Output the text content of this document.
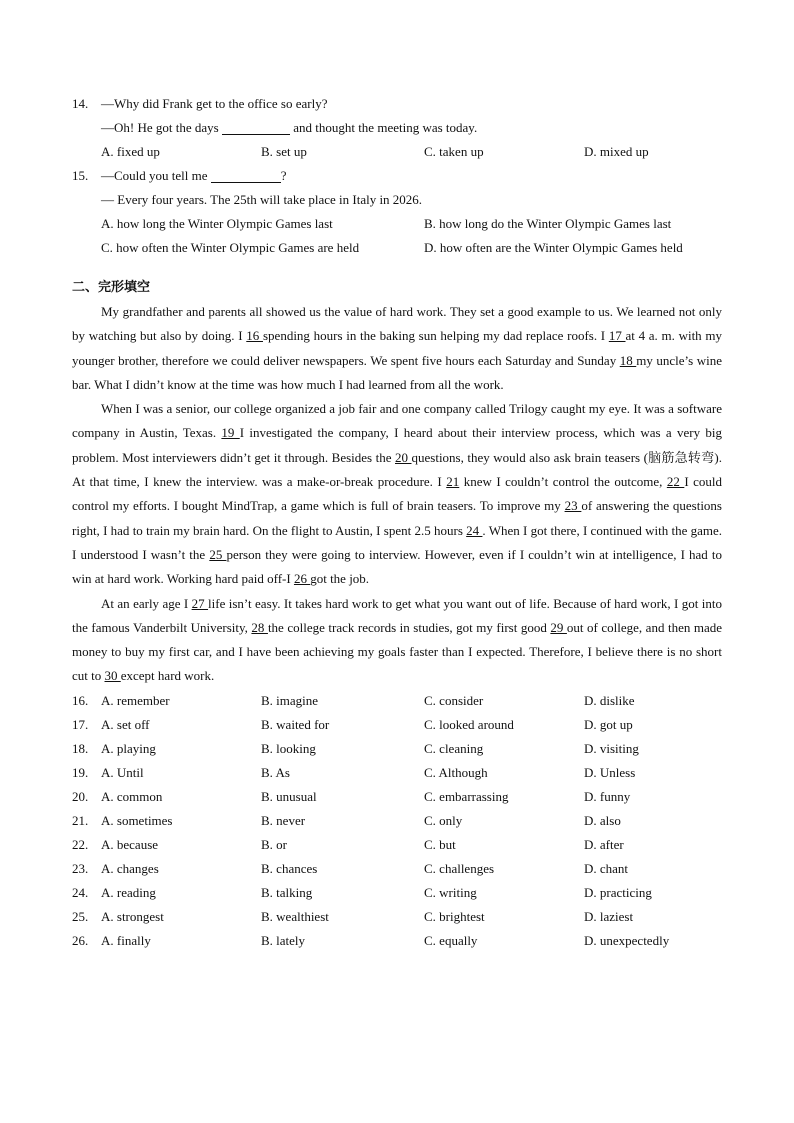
14. —Why did Frank get to the office so early?
—Oh! He got the days	and thought the meeting was today.
A. fixed up	B. set up	C. taken up	D. mixed up
15. —Could you tell me	?
— Every four years. The 25th will take place in Italy in 2026.
A. how long the Winter Olympic Games last	B. how long do the Winter Olympic Games last
C. how often the Winter Olympic Games are held	D. how often are the Winter Olympic Games held
二、完形填空

My grandfather and parents all showed us the value of hard work. They set a good example to us. We learned not only by watching but also by doing. I 16 spending hours in the baking sun helping my dad replace roofs. I 17 at 4 a. m. with my younger brother, therefore we could deliver newspapers. We spent five hours each Saturday and Sunday 18 my uncle’s wine bar. What I didn’t know at the time was how much I had learned from all the work.

When I was a senior, our college organized a job fair and one company called Trilogy caught my eye. It was a software company in Austin, Texas. 19 I investigated the company, I heard about their interview process, which was a very big problem. Most interviewers didn’t get it through. Besides the 20 questions, they would also ask brain teasers (脑筋急转弯). At that time, I knew the interview. was a make-or-break procedure. I 21 knew I couldn’t control the outcome, 22 I could control my efforts. I bought MindTrap, a game which is full of brain teasers. To improve my 23 of answering the questions right, I had to train my brain hard. On the flight to Austin, I spent 2.5 hours 24 . When I got there, I continued with the game. I understood I wasn’t the 25 person they were going to interview. However, even if I couldn’t win at intelligence, I had to win at hard work. Working hard paid off-I 26 got the job.

At an early age I 27 life isn’t easy. It takes hard work to get what you want out of life. Because of hard work, I got into the famous Vanderbilt University, 28 the college track records in studies, got my first good 29 out of college, and then made money to buy my first car, and I have been achieving my goals faster than I expected. Therefore, I believe there is no short cut to 30 except hard work.

16. A. remember	B. imagine	C. consider	D. dislike
17. A. set off	B. waited for	C. looked around	D. got up
18. A. playing	B. looking	C. cleaning	D. visiting
19. A. Until	B. As	C. Although	D. Unless
20. A. common	B. unusual	C. embarrassing	D. funny
21. A. sometimes	B. never	C. only	D. also
22. A. because	B. or	C. but	D. after
23. A. changes	B. chances	C. challenges	D. chant
24. A. reading	B. talking	C. writing	D. practicing
25. A. strongest	B. wealthiest	C. brightest	D. laziest
26. A. finally	B. lately	C. equally	D. unexpectedly
